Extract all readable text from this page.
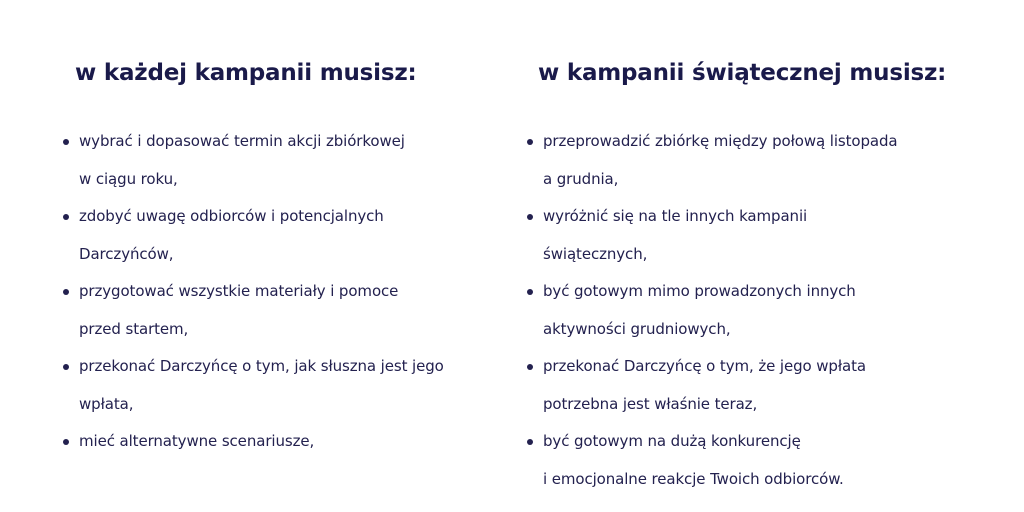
w każdej kampanii musisz:
wybrać i dopasować termin akcji zbiórkowej
w ciągu roku,
zdobyć uwagę odbiorców i potencjalnych
Darczyńców,
przygotować wszystkie materiały i pomoce
przed startem,
przekonać Darczyńcę o tym, jak słuszna jest jego
wpłata,
mieć alternatywne scenariusze,
w kampanii świątecznej musisz:
przeprowadzić zbiórkę między połową listopada
a grudnia,
wyróżnić się na tle innych kampanii
świątecznych,
być gotowym mimo prowadzonych innych
aktywności grudniowych,
przekonać Darczyńcę o tym, że jego wpłata
potrzebna jest właśnie teraz,
być gotowym na dużą konkurencję
i emocjonalne reakcje Twoich odbiorców.
